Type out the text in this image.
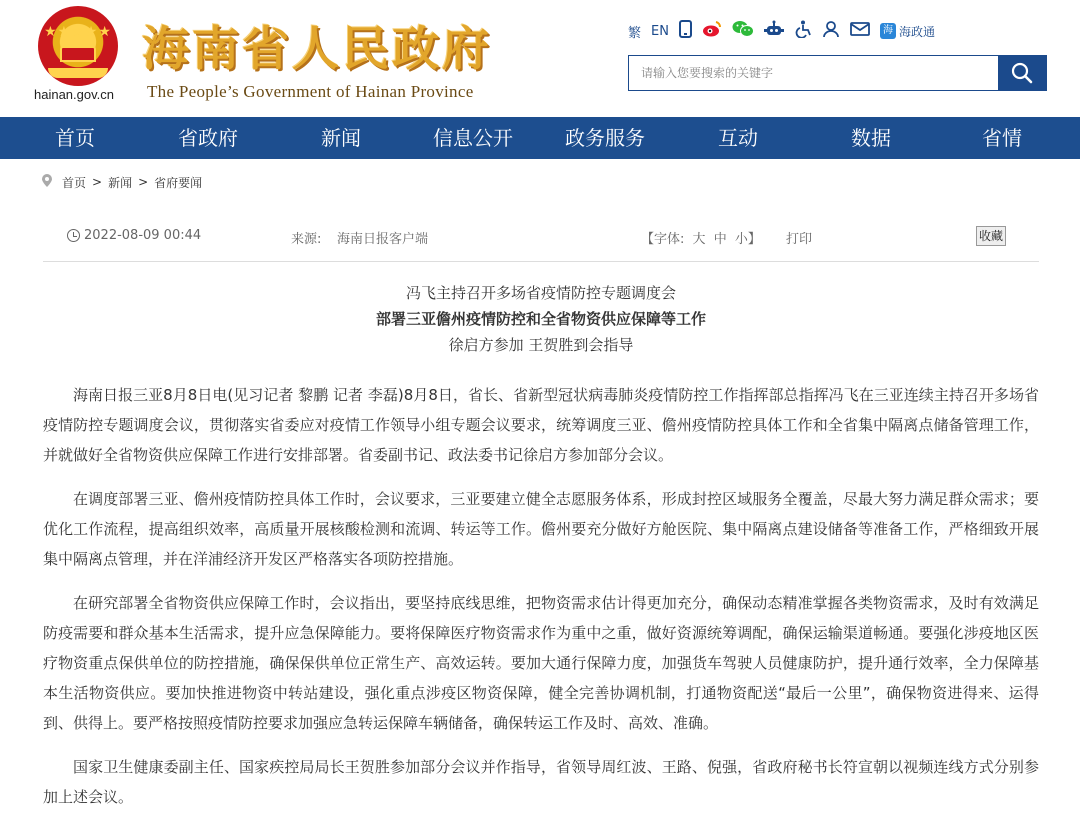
★★★★★
hainan.gov.cn
海南省人民政府
The People’s Government of Hainan Province
繁 EN	海 海政通
请输入您要搜索的关键字
首页	省政府	新闻	信息公开	政务服务	互动	数据	省情
首页 > 新闻 > 省府要闻
2022-08-09 00:44	来源: 海南日报客户端	【字体: 大 中 小】 打印	收藏
冯飞主持召开多场省疫情防控专题调度会
部署三亚儋州疫情防控和全省物资供应保障等工作
徐启方参加 王贺胜到会指导

海南日报三亚8月8日电(见习记者 黎鹏 记者 李磊)8月8日，省长、省新型冠状病毒肺炎疫情防控工作指挥部总指挥冯飞在三亚连续主持召开多场省疫情防控专题调度会议，贯彻落实省委应对疫情工作领导小组专题会议要求，统筹调度三亚、儋州疫情防控具体工作和全省集中隔离点储备管理工作，并就做好全省物资供应保障工作进行安排部署。省委副书记、政法委书记徐启方参加部分会议。

在调度部署三亚、儋州疫情防控具体工作时，会议要求，三亚要建立健全志愿服务体系，形成封控区域服务全覆盖，尽最大努力满足群众需求；要优化工作流程，提高组织效率，高质量开展核酸检测和流调、转运等工作。儋州要充分做好方舱医院、集中隔离点建设储备等准备工作，严格细致开展集中隔离点管理，并在洋浦经济开发区严格落实各项防控措施。

在研究部署全省物资供应保障工作时，会议指出，要坚持底线思维，把物资需求估计得更加充分，确保动态精准掌握各类物资需求，及时有效满足防疫需要和群众基本生活需求，提升应急保障能力。要将保障医疗物资需求作为重中之重，做好资源统筹调配，确保运输渠道畅通。要强化涉疫地区医疗物资重点保供单位的防控措施，确保保供单位正常生产、高效运转。要加大通行保障力度，加强货车驾驶人员健康防护，提升通行效率，全力保障基本生活物资供应。要加快推进物资中转站建设，强化重点涉疫区物资保障，健全完善协调机制，打通物资配送“最后一公里”，确保物资进得来、运得到、供得上。要严格按照疫情防控要求加强应急转运保障车辆储备，确保转运工作及时、高效、准确。

国家卫生健康委副主任、国家疾控局局长王贺胜参加部分会议并作指导，省领导周红波、王路、倪强，省政府秘书长符宣朝以视频连线方式分别参加上述会议。
